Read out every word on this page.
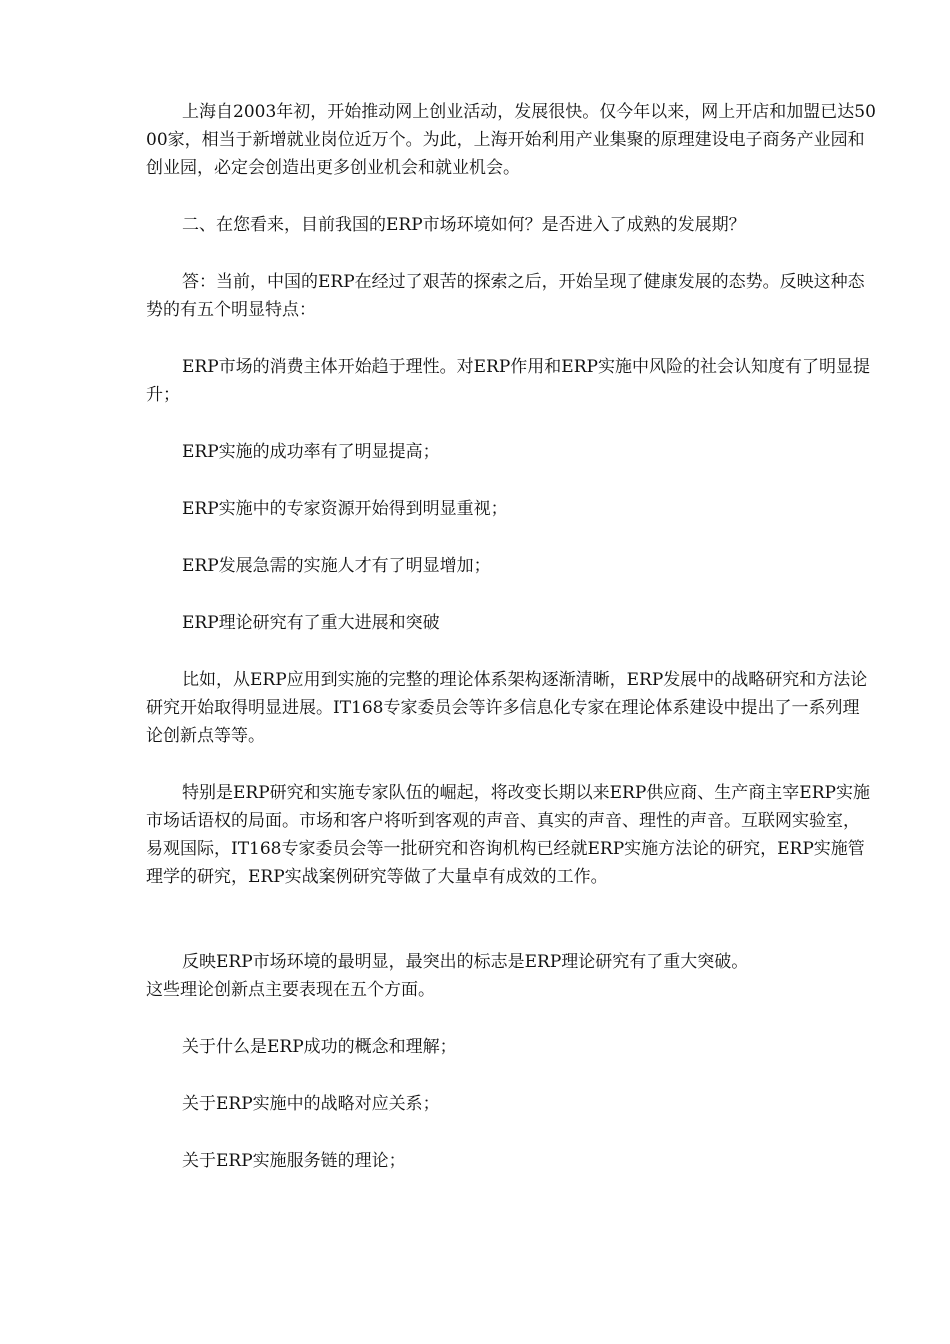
上海自2003年初，开始推动网上创业活动，发展很快。仅今年以来，网上开店和加盟已达5000家，相当于新增就业岗位近万个。为此，上海开始利用产业集聚的原理建设电子商务产业园和创业园，必定会创造出更多创业机会和就业机会。

二、在您看来，目前我国的ERP市场环境如何？是否进入了成熟的发展期？

答：当前，中国的ERP在经过了艰苦的探索之后，开始呈现了健康发展的态势。反映这种态势的有五个明显特点：

ERP市场的消费主体开始趋于理性。对ERP作用和ERP实施中风险的社会认知度有了明显提升；

ERP实施的成功率有了明显提高；

ERP实施中的专家资源开始得到明显重视；

ERP发展急需的实施人才有了明显增加；

ERP理论研究有了重大进展和突破

比如，从ERP应用到实施的完整的理论体系架构逐渐清晰，ERP发展中的战略研究和方法论研究开始取得明显进展。IT168专家委员会等许多信息化专家在理论体系建设中提出了一系列理论创新点等等。

特别是ERP研究和实施专家队伍的崛起，将改变长期以来ERP供应商、生产商主宰ERP实施市场话语权的局面。市场和客户将听到客观的声音、真实的声音、理性的声音。互联网实验室，易观国际，IT168专家委员会等一批研究和咨询机构已经就ERP实施方法论的研究，ERP实施管理学的研究，ERP实战案例研究等做了大量卓有成效的工作。

反映ERP市场环境的最明显，最突出的标志是ERP理论研究有了重大突破。

这些理论创新点主要表现在五个方面。

关于什么是ERP成功的概念和理解；

关于ERP实施中的战略对应关系；

关于ERP实施服务链的理论；
